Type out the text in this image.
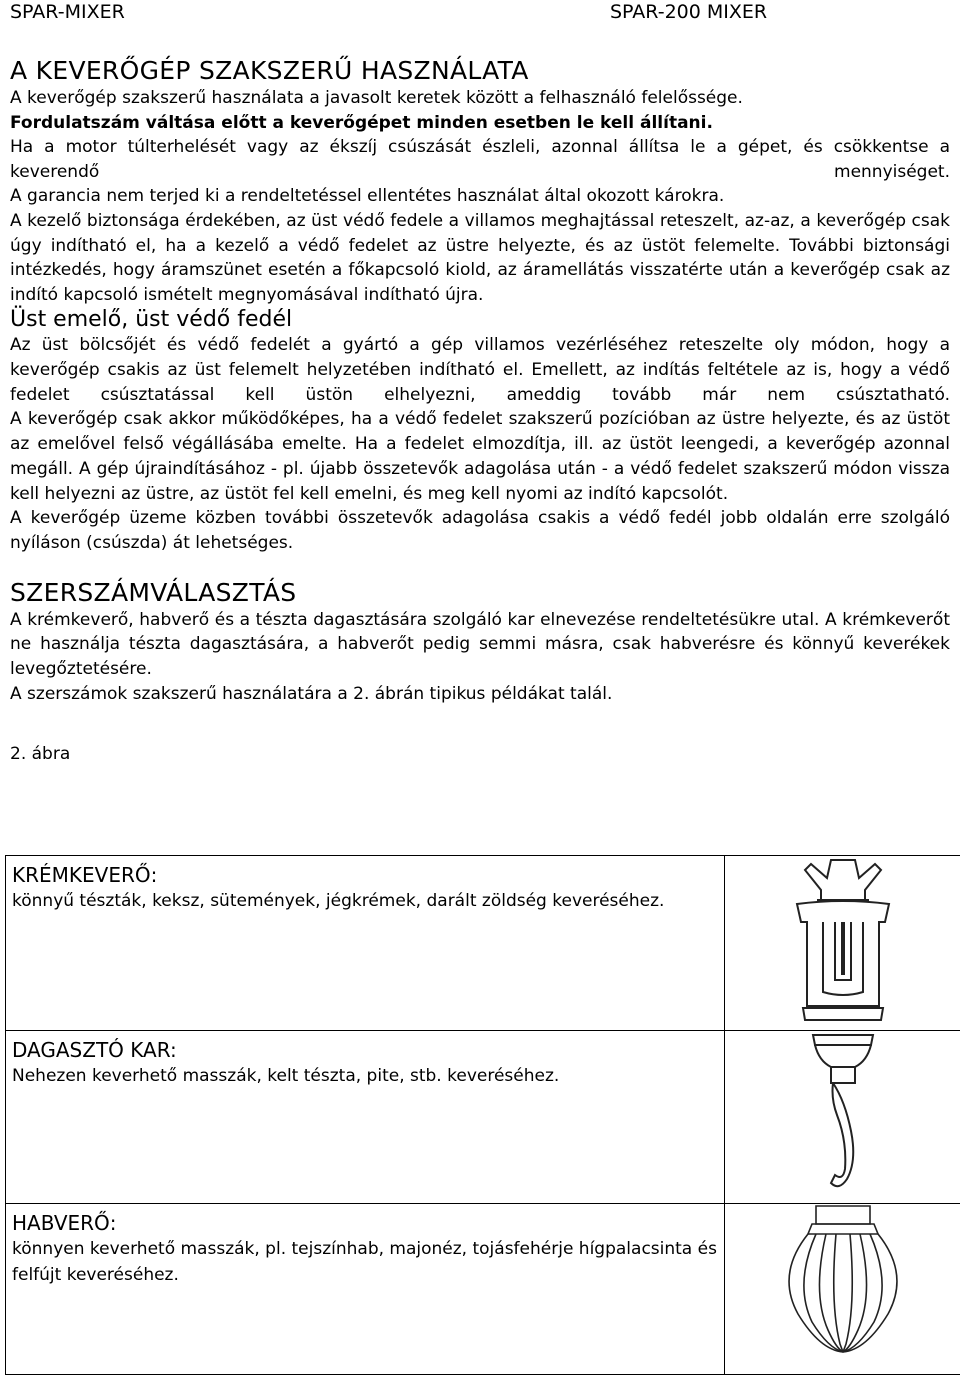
SPAR-MIXER	SPAR-200 MIXER
A KEVERŐGÉP SZAKSZERŰ HASZNÁLATA

A keverőgép szakszerű használata a javasolt keretek között a felhasználó felelőssége.

Fordulatszám váltása előtt a keverőgépet minden esetben le kell állítani.

Ha a motor túlterhelését vagy az ékszíj csúszását észleli, azonnal állítsa le a gépet, és csökkentse a keverendő mennyiséget.

A garancia nem terjed ki a rendeltetéssel ellentétes használat által okozott károkra.

A kezelő biztonsága érdekében, az üst védő fedele a villamos meghajtással reteszelt, az-az, a keverőgép csak úgy indítható el, ha a kezelő a védő fedelet az üstre helyezte, és az üstöt felemelte. További biztonsági intézkedés, hogy áramszünet esetén a főkapcsoló kiold, az áramellátás visszatérte után a keverőgép csak az indító kapcsoló ismételt megnyomásával indítható újra.

Üst emelő, üst védő fedél

Az üst bölcsőjét és védő fedelét a gyártó a gép villamos vezérléséhez reteszelte oly módon, hogy a keverőgép csakis az üst felemelt helyzetében indítható el. Emellett, az indítás feltétele az is, hogy a védő fedelet csúsztatással kell üstön elhelyezni, ameddig tovább már nem csúsztatható.

A keverőgép csak akkor működőképes, ha a védő fedelet szakszerű pozícióban az üstre helyezte, és az üstöt az emelővel felső végállásába emelte. Ha a fedelet elmozdítja, ill. az üstöt leengedi, a keverőgép azonnal megáll. A gép újraindításához - pl. újabb összetevők adagolása után - a védő fedelet szakszerű módon vissza kell helyezni az üstre, az üstöt fel kell emelni, és meg kell nyomi az indító kapcsolót.

A keverőgép üzeme közben további összetevők adagolása csakis a védő fedél jobb oldalán erre szolgáló nyíláson (csúszda) át lehetséges.

SZERSZÁMVÁLASZTÁS

A krémkeverő, habverő és a tészta dagasztására szolgáló kar elnevezése rendeltetésükre utal. A krémkeverőt ne használja tészta dagasztására, a habverőt pedig semmi másra, csak habverésre és könnyű keverékek levegőztetésére.

A szerszámok szakszerű használatára a 2. ábrán tipikus példákat talál.

2. ábra
KRÉMKEVERŐ:
könnyű tészták, keksz, sütemények, jégkrémek, darált zöldség keveréséhez.

DAGASZTÓ KAR:
Nehezen keverhető masszák, kelt tészta, pite, stb. keveréséhez.

HABVERŐ:
könnyen keverhető masszák, pl. tejszínhab, majonéz, tojásfehérje hígpalacsinta és felfújt keveréséhez.
